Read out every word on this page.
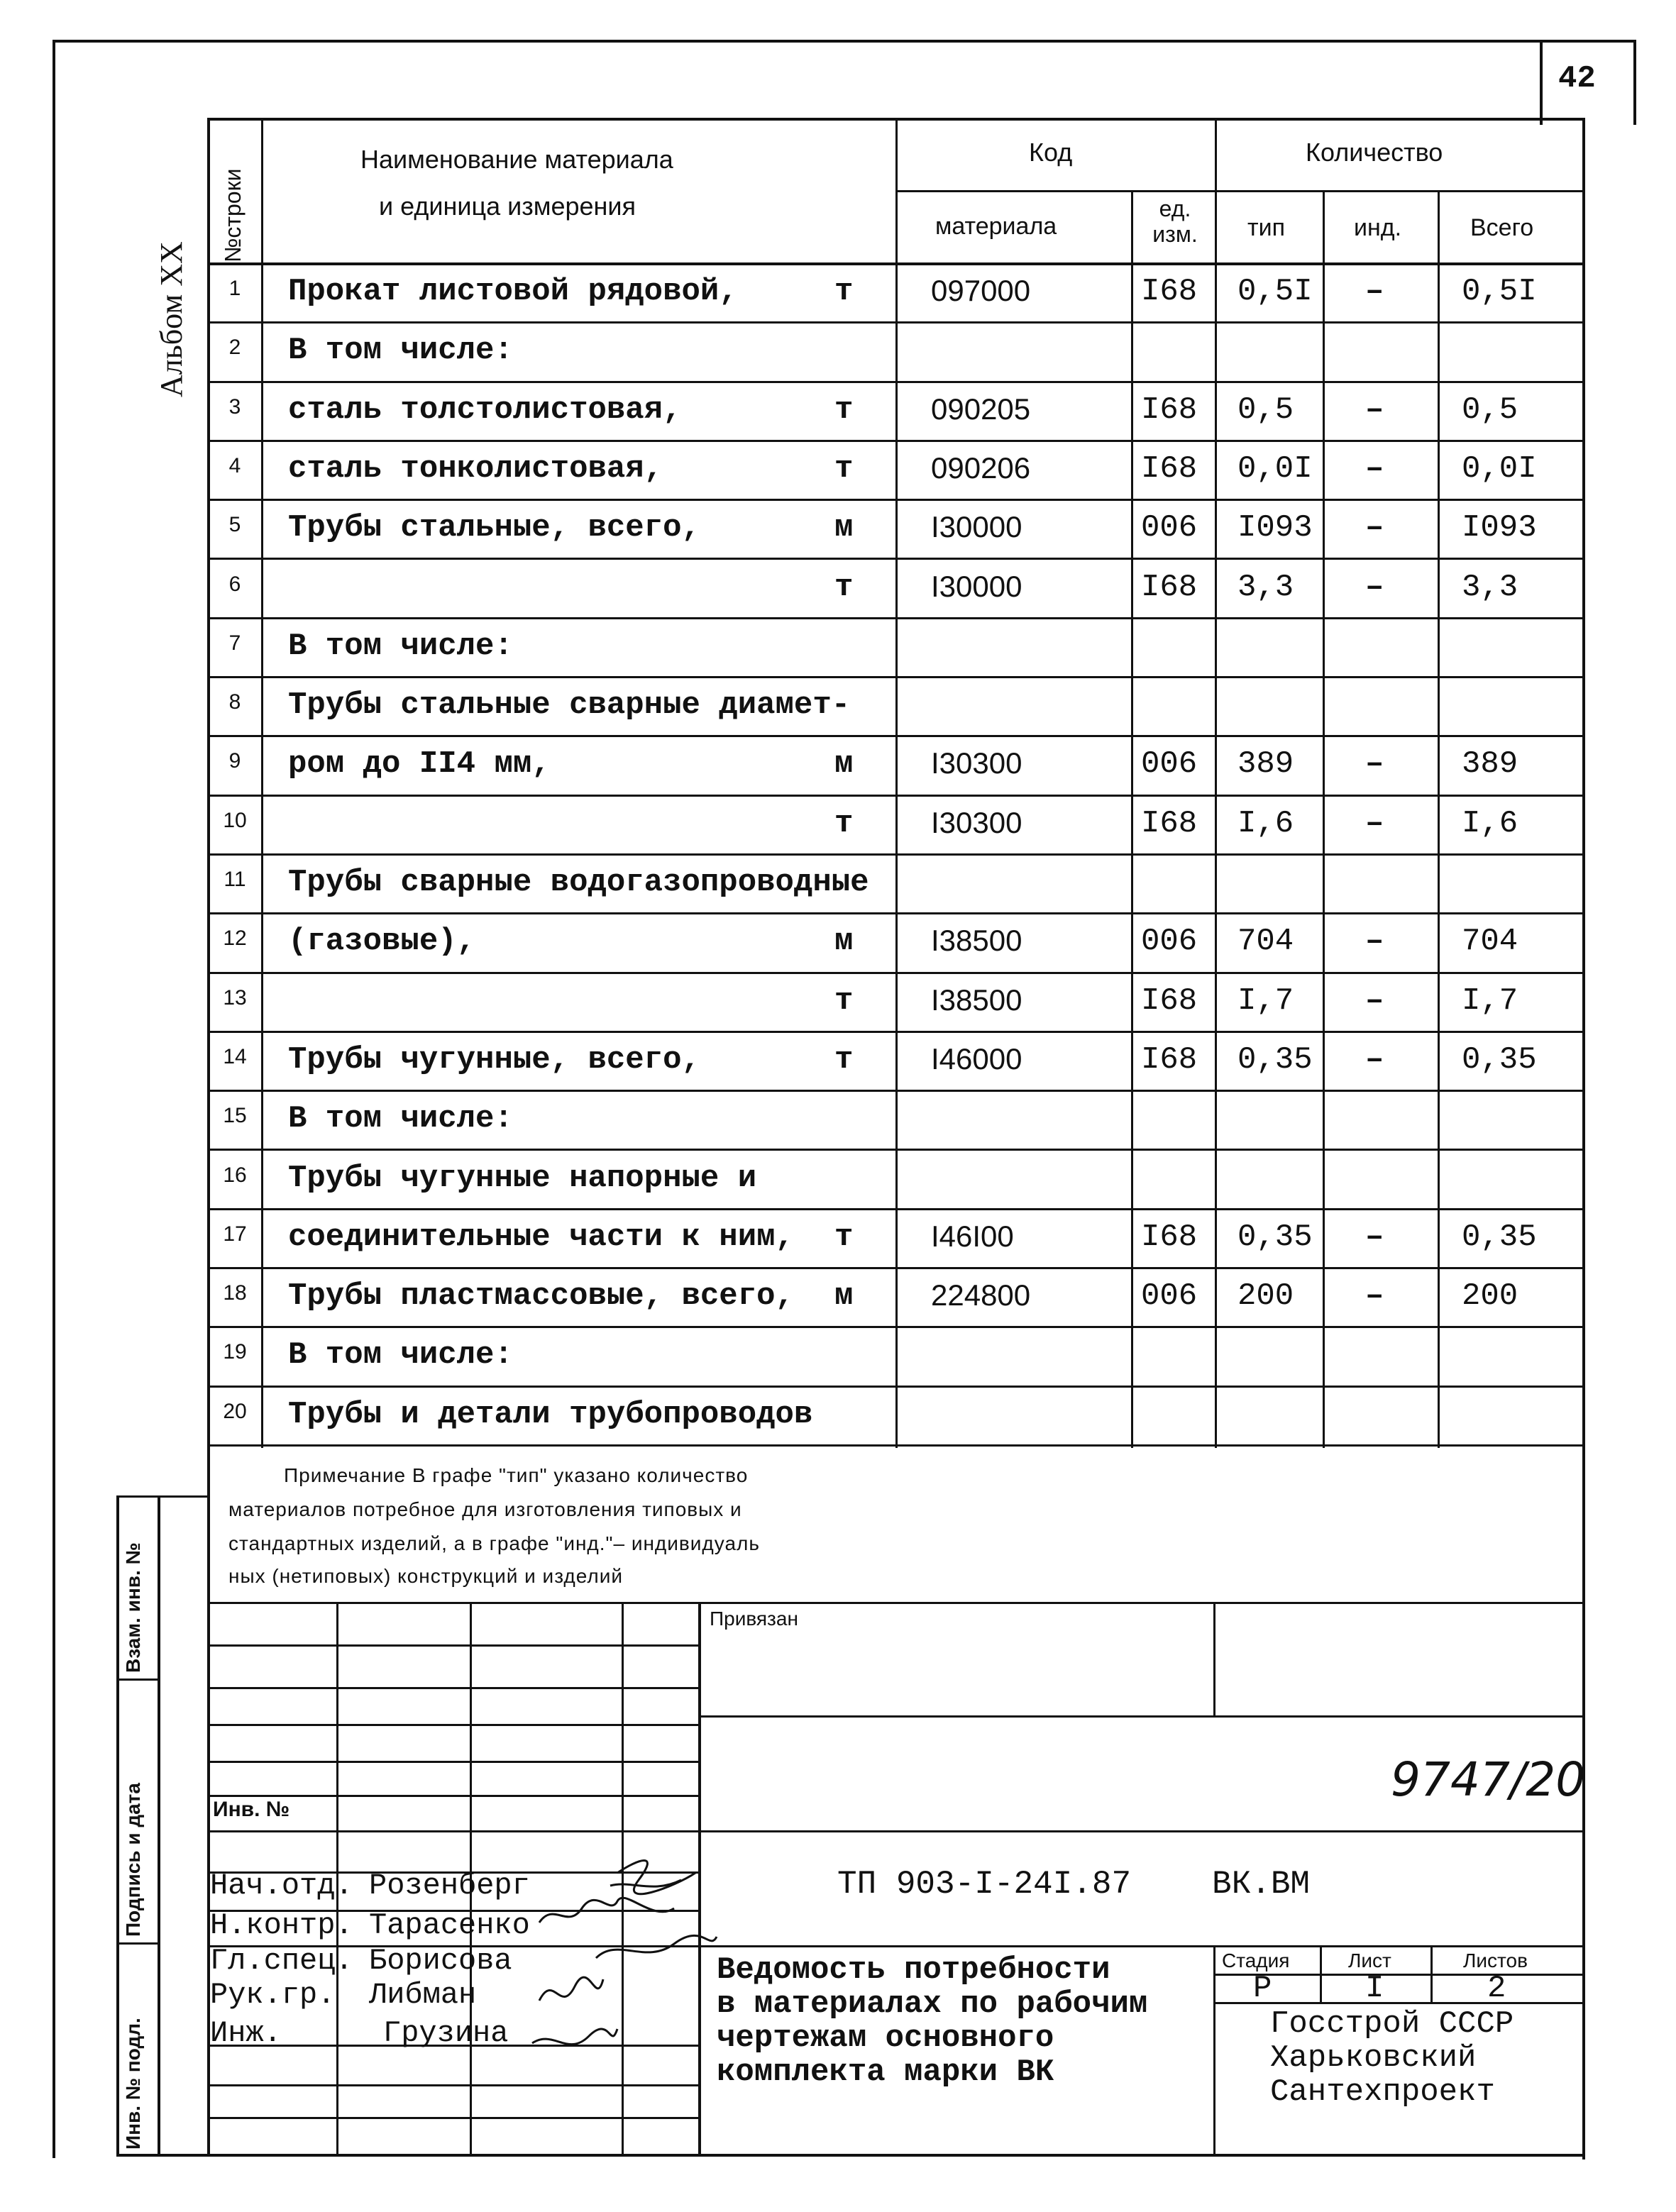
42
Альбом XX
№строки
Наименование материала
и единица измерения
Код	Количество
материала
ед. изм. тип	инд.	Всего
1	Прокат листовой рядовой,	т	097000	I68 0,5I – 0,5I
2	В том числе:
3	сталь толстолистовая,	т	090205	I68 0,5 – 0,5
4	сталь тонколистовая,	т	090206	I68 0,0I – 0,0I
5	Трубы стальные, всего,	м	I30000	006 I093 – I093
6	т	I30000	I68 3,3 – 3,3
7	В том числе:
8	Трубы стальные сварные диамет-
9	ром до II4 мм,	м	I30300	006 389 – 389
10	т	I30300	I68 I,6 – I,6
11	Трубы сварные водогазопроводные
12	(газовые),	м	I38500	006 704 – 704
13	т	I38500	I68 I,7 – I,7
14	Трубы чугунные, всего,	т	I46000	I68 0,35 – 0,35
15	В том числе:
16	Трубы чугунные напорные и
17	соединительные части к ним, т	I46I00	I68 0,35 – 0,35
18	Трубы пластмассовые, всего, м	224800	006 200 – 200
19	В том числе:
20	Трубы и детали трубопроводов
Примечание В графе "тип" указано количество
материалов потребное для изготовления типовых и
стандартных изделий, а в графе "инд."– индивидуаль
ных (нетиповых) конструкций и изделий
Взам. инв. №
Подпись и дата
Инв. № подл.
Привязан
Инв. №
9747/20
ТП 903-I-24I.87 ВК.ВМ
Нач.отд. Розенберг
Н.контр. Тарасенко
Гл.спец. Борисова
Рук.гр. Либман
Инж.	Грузина
Ведомость потребности
в материалах по рабочим
чертежам основного
комплекта марки ВК
Стадия	Лист	Листов
Р	I	2
Госстрой СССР
Харьковский
Сантехпроект
